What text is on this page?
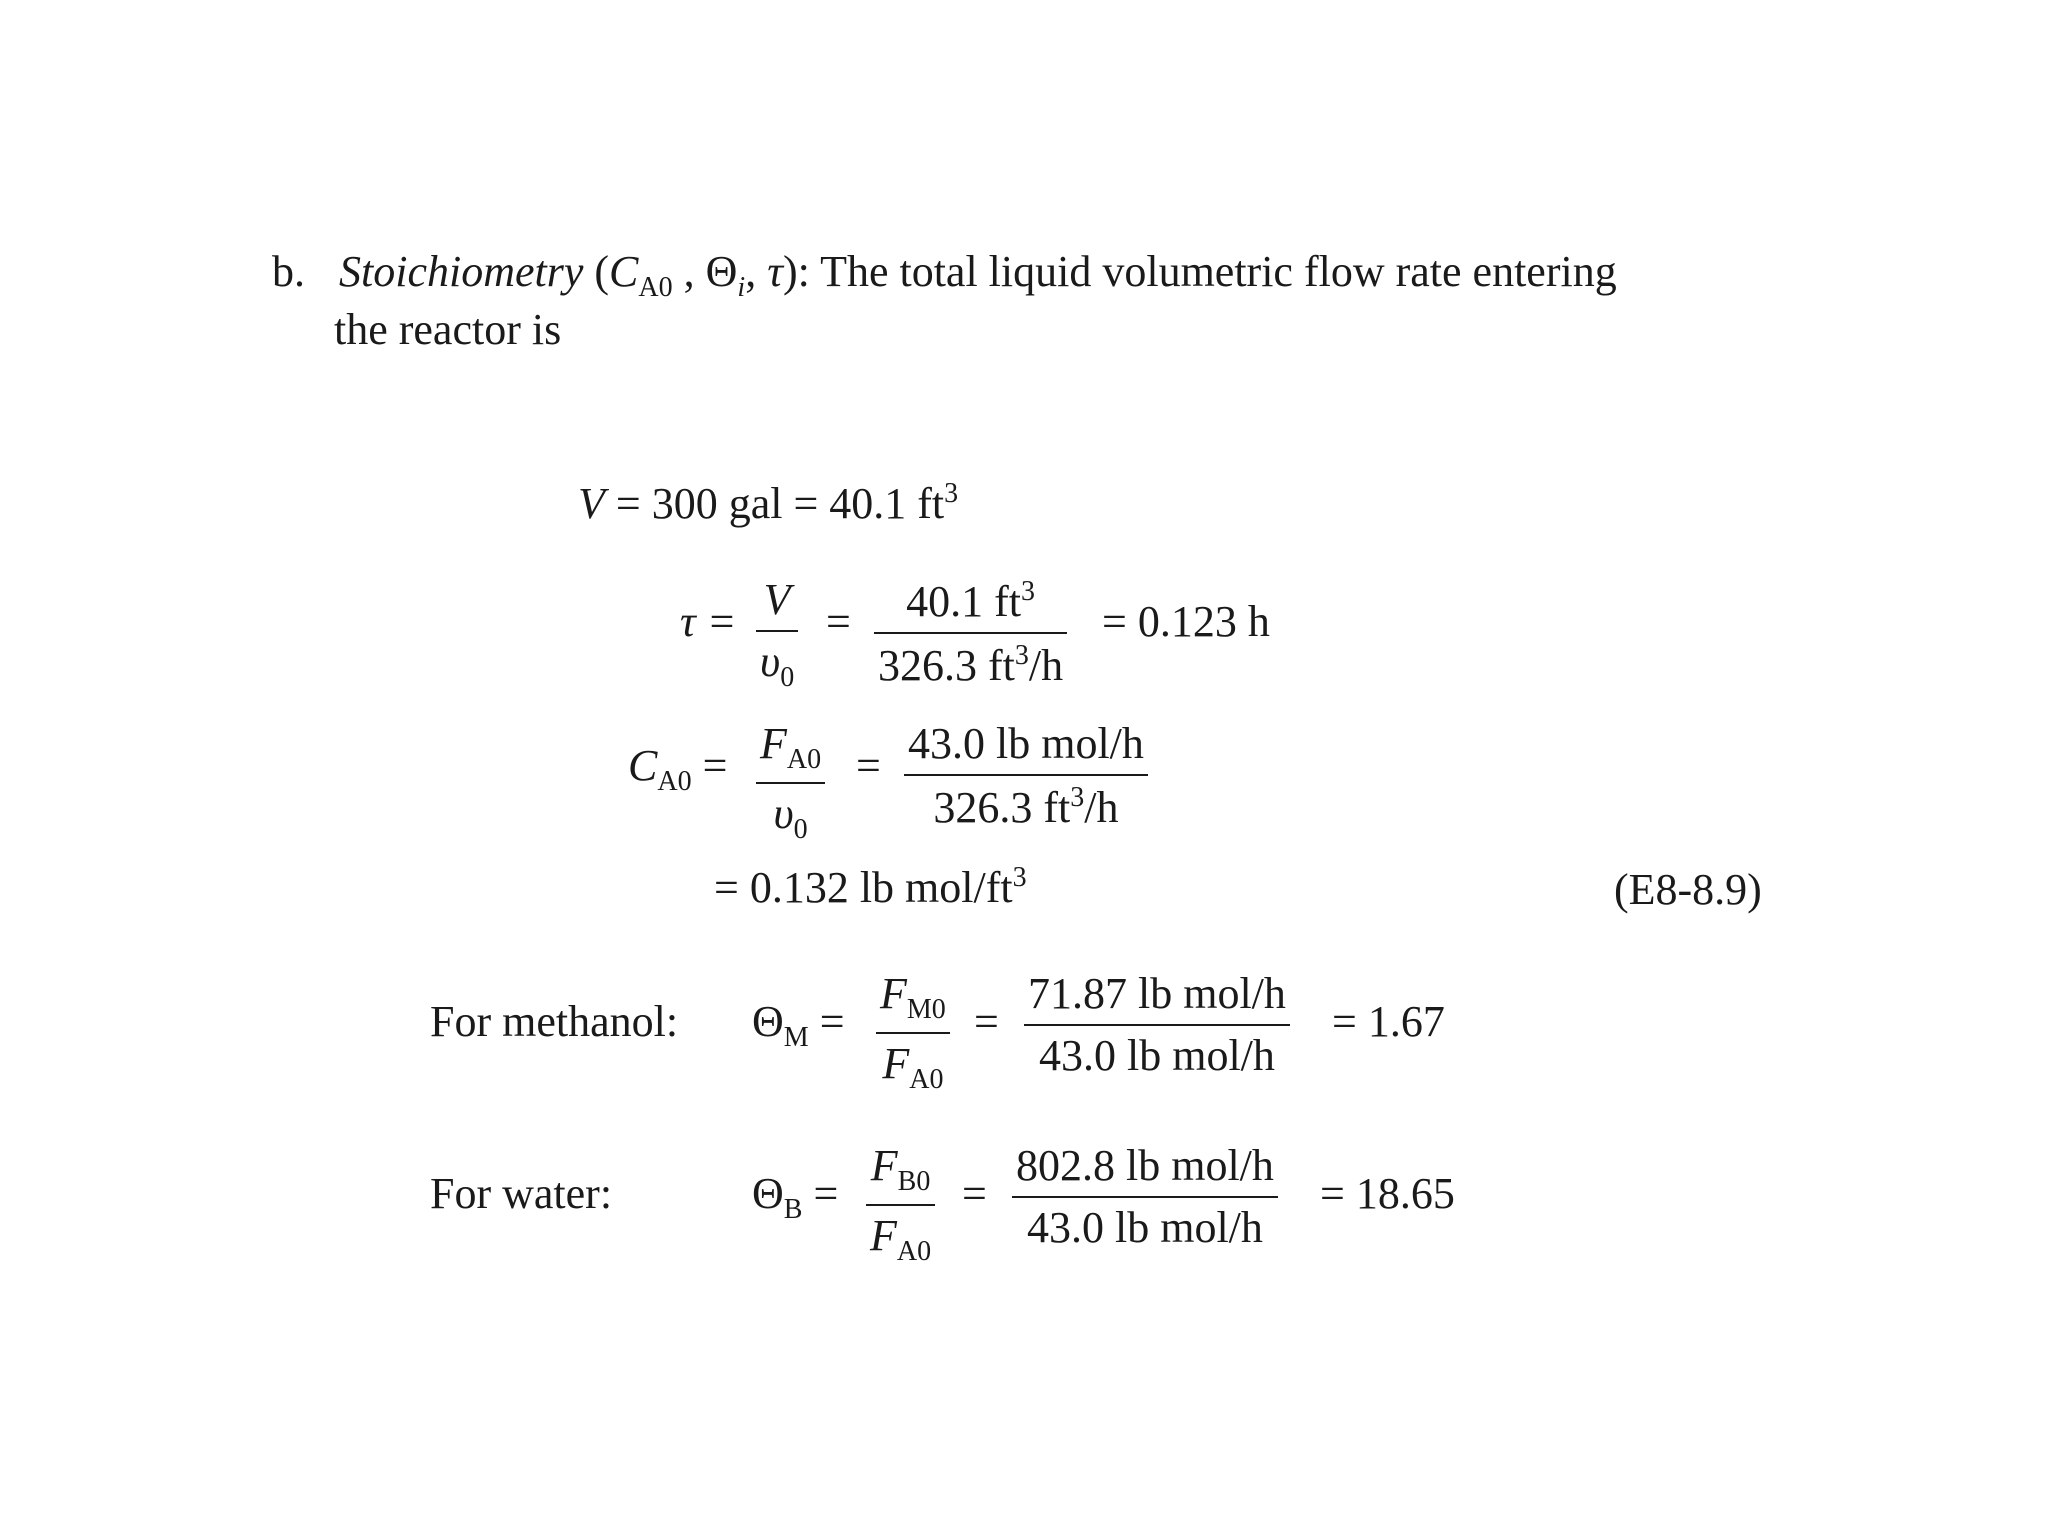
b. Stoichiometry ($C_{A0}$ , $\Theta_i$, τ): The total liquid volumetric flow rate entering
the reactor is
V = 300 gal = 40.1 $ft^3$
τ = V
$\upsilon_0$
= 40.1 $ft^3$
326.3 $ft^3/h$
= 0.123 h
$C_{A0} = F_{A0}$
$\upsilon_0$
= 43.0 lb mol/h
326.3 $ft^3/h$
= 0.132 lb mol/$ft^3$	(E8-8.9)
For methanol: $\Theta_M$ =
$F_{M0}$
$F_{A0}$
=
71.87 lb mol/h
43.0 lb mol/h
= 1.67
For water:	$\Theta_B$ =
$F_{B0}$
$F_{A0}$
=
802.8 lb mol/h
43.0 lb mol/h
= 18.65
